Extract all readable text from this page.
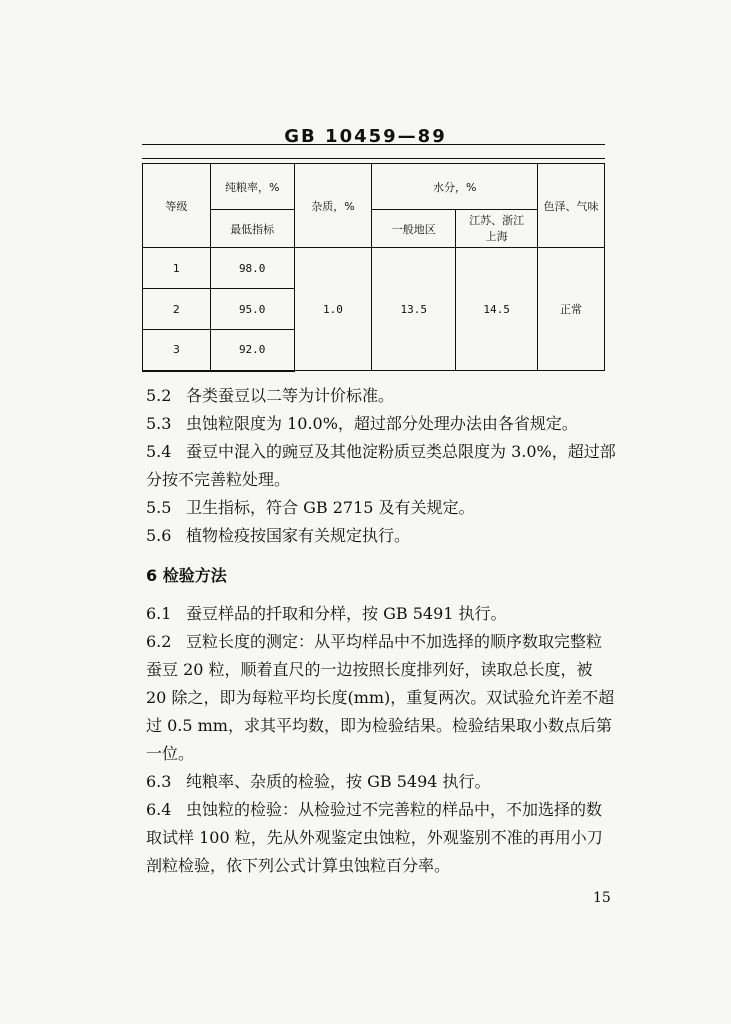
GB 10459—89
等级	纯粮率，%	杂质，%	水分，%		色泽、气味
	最低指标		一般地区	江苏、浙江上海	
1	98.0	1.0	13.5	14.5	正常
2	95.0				
3	92.0				

5.2 各类蚕豆以二等为计价标准。

5.3 虫蚀粒限度为 10.0%，超过部分处理办法由各省规定。

5.4 蚕豆中混入的豌豆及其他淀粉质豆类总限度为 3.0%，超过部分按不完善粒处理。

5.5 卫生指标，符合 GB 2715 及有关规定。

5.6 植物检疫按国家有关规定执行。

6 检验方法

6.1 蚕豆样品的扦取和分样，按 GB 5491 执行。

6.2 豆粒长度的测定：从平均样品中不加选择的顺序数取完整粒蚕豆 20 粒，顺着直尺的一边按照长度排列好，读取总长度，被 20 除之，即为每粒平均长度(mm)，重复两次。双试验允许差不超过 0.5 mm，求其平均数，即为检验结果。检验结果取小数点后第一位。

6.3 纯粮率、杂质的检验，按 GB 5494 执行。

6.4 虫蚀粒的检验：从检验过不完善粒的样品中，不加选择的数取试样 100 粒，先从外观鉴定虫蚀粒，外观鉴别不准的再用小刀剖粒检验，依下列公式计算虫蚀粒百分率。

15
